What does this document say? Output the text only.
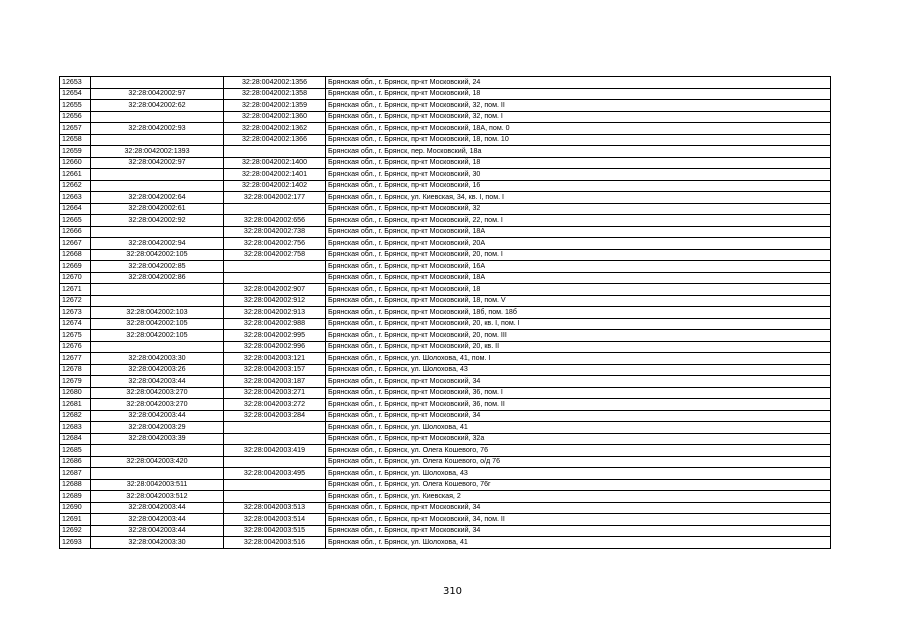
12653		32:28:0042002:1356	Брянская обл., г. Брянск, пр-кт Московский, 24
12654	32:28:0042002:97	32:28:0042002:1358	Брянская обл., г. Брянск, пр-кт Московский, 18
12655	32:28:0042002:62	32:28:0042002:1359	Брянская обл., г. Брянск, пр-кт Московский, 32, пом. II
12656		32:28:0042002:1360	Брянская обл., г. Брянск, пр-кт Московский, 32, пом. I
12657	32:28:0042002:93	32:28:0042002:1362	Брянская обл., г. Брянск, пр-кт Московский, 18А, пом. 0
12658		32:28:0042002:1366	Брянская обл., г. Брянск, пр-кт Московский, 18, пом. 10
12659	32:28:0042002:1393		Брянская обл., г. Брянск, пер. Московский, 18а
12660	32:28:0042002:97	32:28:0042002:1400	Брянская обл., г. Брянск, пр-кт Московский, 18
12661		32:28:0042002:1401	Брянская обл., г. Брянск, пр-кт Московский, 30
12662		32:28:0042002:1402	Брянская обл., г. Брянск, пр-кт Московский, 16
12663	32:28:0042002:64	32:28:0042002:177	Брянская обл., г. Брянск, ул. Киевская, 34, кв. I, пом. I
12664	32:28:0042002:61		Брянская обл., г. Брянск, пр-кт Московский, 32
12665	32:28:0042002:92	32:28:0042002:656	Брянская обл., г. Брянск, пр-кт Московский, 22, пом. I
12666		32:28:0042002:738	Брянская обл., г. Брянск, пр-кт Московский, 18А
12667	32:28:0042002:94	32:28:0042002:756	Брянская обл., г. Брянск, пр-кт Московский, 20А
12668	32:28:0042002:105	32:28:0042002:758	Брянская обл., г. Брянск, пр-кт Московский, 20, пом. I
12669	32:28:0042002:85		Брянская обл., г. Брянск, пр-кт Московский, 16А
12670	32:28:0042002:86		Брянская обл., г. Брянск, пр-кт Московский, 18А
12671		32:28:0042002:907	Брянская обл., г. Брянск, пр-кт Московский, 18
12672		32:28:0042002:912	Брянская обл., г. Брянск, пр-кт Московский, 18, пом. V
12673	32:28:0042002:103	32:28:0042002:913	Брянская обл., г. Брянск, пр-кт Московский, 18б, пом. 18б
12674	32:28:0042002:105	32:28:0042002:988	Брянская обл., г. Брянск, пр-кт Московский, 20, кв. I, пом. I
12675	32:28:0042002:105	32:28:0042002:995	Брянская обл., г. Брянск, пр-кт Московский, 20, пом. III
12676		32:28:0042002:996	Брянская обл., г. Брянск, пр-кт Московский, 20, кв. II
12677	32:28:0042003:30	32:28:0042003:121	Брянская обл., г. Брянск, ул. Шолохова, 41, пом. I
12678	32:28:0042003:26	32:28:0042003:157	Брянская обл., г. Брянск, ул. Шолохова, 43
12679	32:28:0042003:44	32:28:0042003:187	Брянская обл., г. Брянск, пр-кт Московский, 34
12680	32:28:0042003:270	32:28:0042003:271	Брянская обл., г. Брянск, пр-кт Московский, 36, пом. I
12681	32:28:0042003:270	32:28:0042003:272	Брянская обл., г. Брянск, пр-кт Московский, 36, пом. II
12682	32:28:0042003:44	32:28:0042003:284	Брянская обл., г. Брянск, пр-кт Московский, 34
12683	32:28:0042003:29		Брянская обл., г. Брянск, ул. Шолохова, 41
12684	32:28:0042003:39		Брянская обл., г. Брянск, пр-кт Московский, 32а
12685		32:28:0042003:419	Брянская обл., г. Брянск, ул. Олега Кошевого, 76
12686	32:28:0042003:420		Брянская обл., г. Брянск, ул. Олега Кошевого, о/д 76
12687		32:28:0042003:495	Брянская обл., г. Брянск, ул. Шолохова, 43
12688	32:28:0042003:511		Брянская обл., г. Брянск, ул. Олега Кошевого, 76г
12689	32:28:0042003:512		Брянская обл., г. Брянск, ул. Киевская, 2
12690	32:28:0042003:44	32:28:0042003:513	Брянская обл., г. Брянск, пр-кт Московский, 34
12691	32:28:0042003:44	32:28:0042003:514	Брянская обл., г. Брянск, пр-кт Московский, 34, пом. II
12692	32:28:0042003:44	32:28:0042003:515	Брянская обл., г. Брянск, пр-кт Московский, 34
12693	32:28:0042003:30	32:28:0042003:516	Брянская обл., г. Брянск, ул. Шолохова, 41
310
